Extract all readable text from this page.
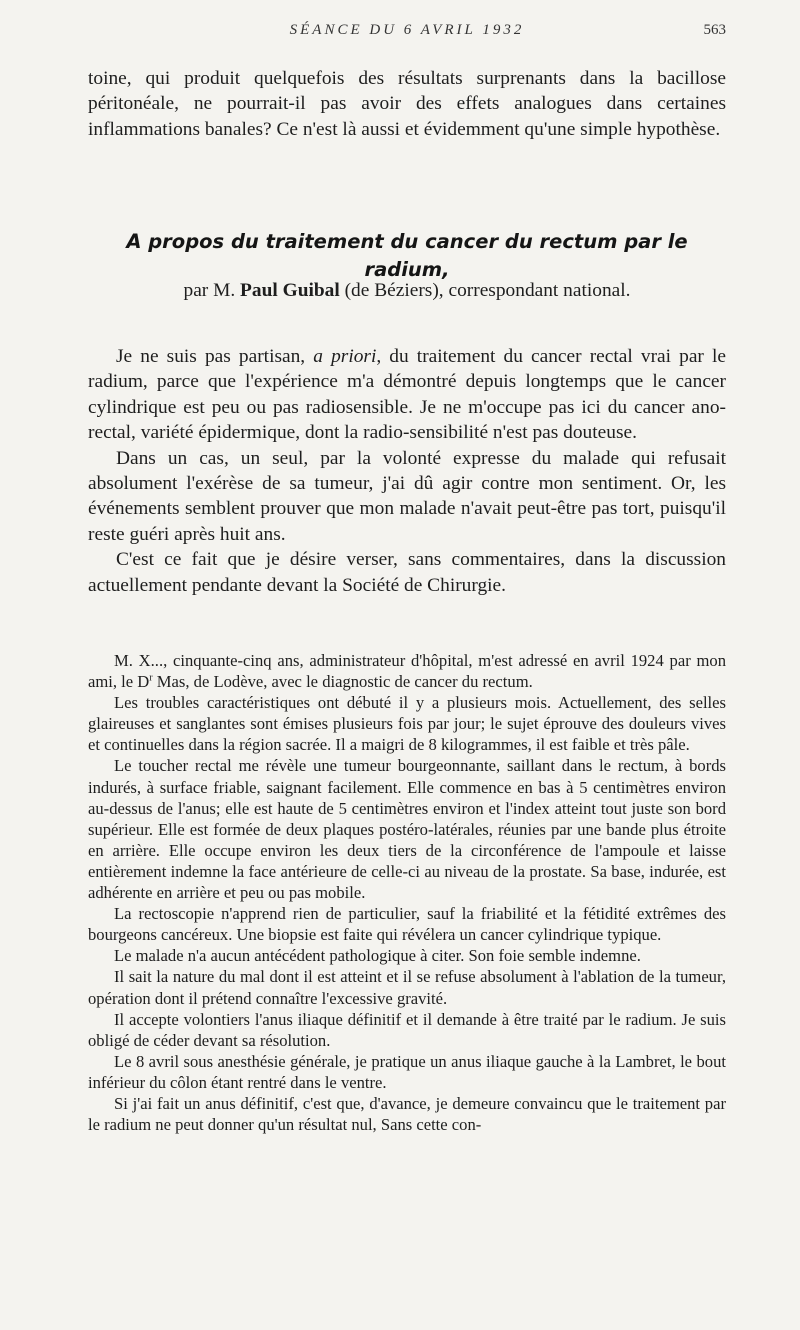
SÉANCE DU 6 AVRIL 1932	563

toine, qui produit quelquefois des résultats surprenants dans la bacillose péritonéale, ne pourrait-il pas avoir des effets analogues dans certaines inflammations banales? Ce n'est là aussi et évidemment qu'une simple hypothèse.

A propos du traitement du cancer du rectum par le radium,

par M. Paul Guibal (de Béziers), correspondant national.

Je ne suis pas partisan, a priori, du traitement du cancer rectal vrai par le radium, parce que l'expérience m'a démontré depuis longtemps que le cancer cylindrique est peu ou pas radiosensible. Je ne m'occupe pas ici du cancer ano-rectal, variété épidermique, dont la radio-sensibilité n'est pas douteuse.

Dans un cas, un seul, par la volonté expresse du malade qui refusait absolument l'exérèse de sa tumeur, j'ai dû agir contre mon sentiment. Or, les événements semblent prouver que mon malade n'avait peut-être pas tort, puisqu'il reste guéri après huit ans.

C'est ce fait que je désire verser, sans commentaires, dans la discussion actuellement pendante devant la Société de Chirurgie.

M. X..., cinquante-cinq ans, administrateur d'hôpital, m'est adressé en avril 1924 par mon ami, le $D^r$ Mas, de Lodève, avec le diagnostic de cancer du rectum.

Les troubles caractéristiques ont débuté il y a plusieurs mois. Actuellement, des selles glaireuses et sanglantes sont émises plusieurs fois par jour; le sujet éprouve des douleurs vives et continuelles dans la région sacrée. Il a maigri de 8 kilogrammes, il est faible et très pâle.

Le toucher rectal me révèle une tumeur bourgeonnante, saillant dans le rectum, à bords indurés, à surface friable, saignant facilement. Elle commence en bas à 5 centimètres environ au-dessus de l'anus; elle est haute de 5 centimètres environ et l'index atteint tout juste son bord supérieur. Elle est formée de deux plaques postéro-latérales, réunies par une bande plus étroite en arrière. Elle occupe environ les deux tiers de la circonférence de l'ampoule et laisse entièrement indemne la face antérieure de celle-ci au niveau de la prostate. Sa base, indurée, est adhérente en arrière et peu ou pas mobile.

La rectoscopie n'apprend rien de particulier, sauf la friabilité et la fétidité extrêmes des bourgeons cancéreux. Une biopsie est faite qui révélera un cancer cylindrique typique.

Le malade n'a aucun antécédent pathologique à citer. Son foie semble indemne.

Il sait la nature du mal dont il est atteint et il se refuse absolument à l'ablation de la tumeur, opération dont il prétend connaître l'excessive gravité.

Il accepte volontiers l'anus iliaque définitif et il demande à être traité par le radium. Je suis obligé de céder devant sa résolution.

Le 8 avril sous anesthésie générale, je pratique un anus iliaque gauche à la Lambret, le bout inférieur du côlon étant rentré dans le ventre.

Si j'ai fait un anus définitif, c'est que, d'avance, je demeure convaincu que le traitement par le radium ne peut donner qu'un résultat nul, Sans cette con-
